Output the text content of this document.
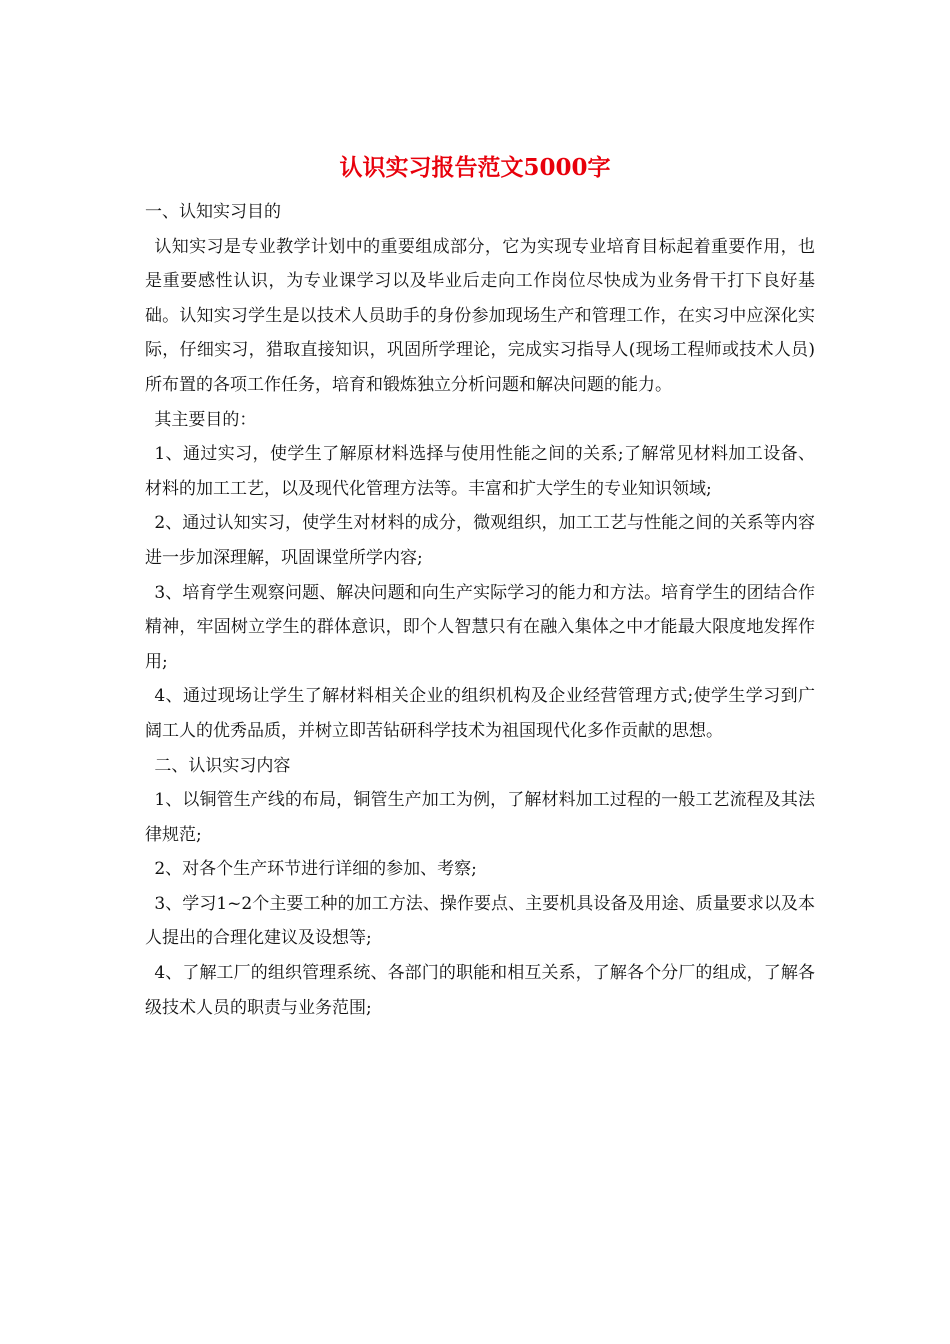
认识实习报告范文5000字

一、认知实习目的

认知实习是专业教学计划中的重要组成部分，它为实现专业培育目标起着重要作用，也是重要感性认识，为专业课学习以及毕业后走向工作岗位尽快成为业务骨干打下良好基础。认知实习学生是以技术人员助手的身份参加现场生产和管理工作，在实习中应深化实际，仔细实习，猎取直接知识，巩固所学理论，完成实习指导人(现场工程师或技术人员)所布置的各项工作任务，培育和锻炼独立分析问题和解决问题的能力。

其主要目的：

1、通过实习，使学生了解原材料选择与使用性能之间的关系;了解常见材料加工设备、材料的加工工艺，以及现代化管理方法等。丰富和扩大学生的专业知识领域;

2、通过认知实习，使学生对材料的成分，微观组织，加工工艺与性能之间的关系等内容进一步加深理解，巩固课堂所学内容;

3、培育学生观察问题、解决问题和向生产实际学习的能力和方法。培育学生的团结合作精神，牢固树立学生的群体意识，即个人智慧只有在融入集体之中才能最大限度地发挥作用;

4、通过现场让学生了解材料相关企业的组织机构及企业经营管理方式;使学生学习到广阔工人的优秀品质，并树立即苦钻研科学技术为祖国现代化多作贡献的思想。

二、认识实习内容

1、以铜管生产线的布局，铜管生产加工为例，了解材料加工过程的一般工艺流程及其法律规范;

2、对各个生产环节进行详细的参加、考察;

3、学习1~2个主要工种的加工方法、操作要点、主要机具设备及用途、质量要求以及本人提出的合理化建议及设想等;

4、了解工厂的组织管理系统、各部门的职能和相互关系，了解各个分厂的组成，了解各级技术人员的职责与业务范围;
